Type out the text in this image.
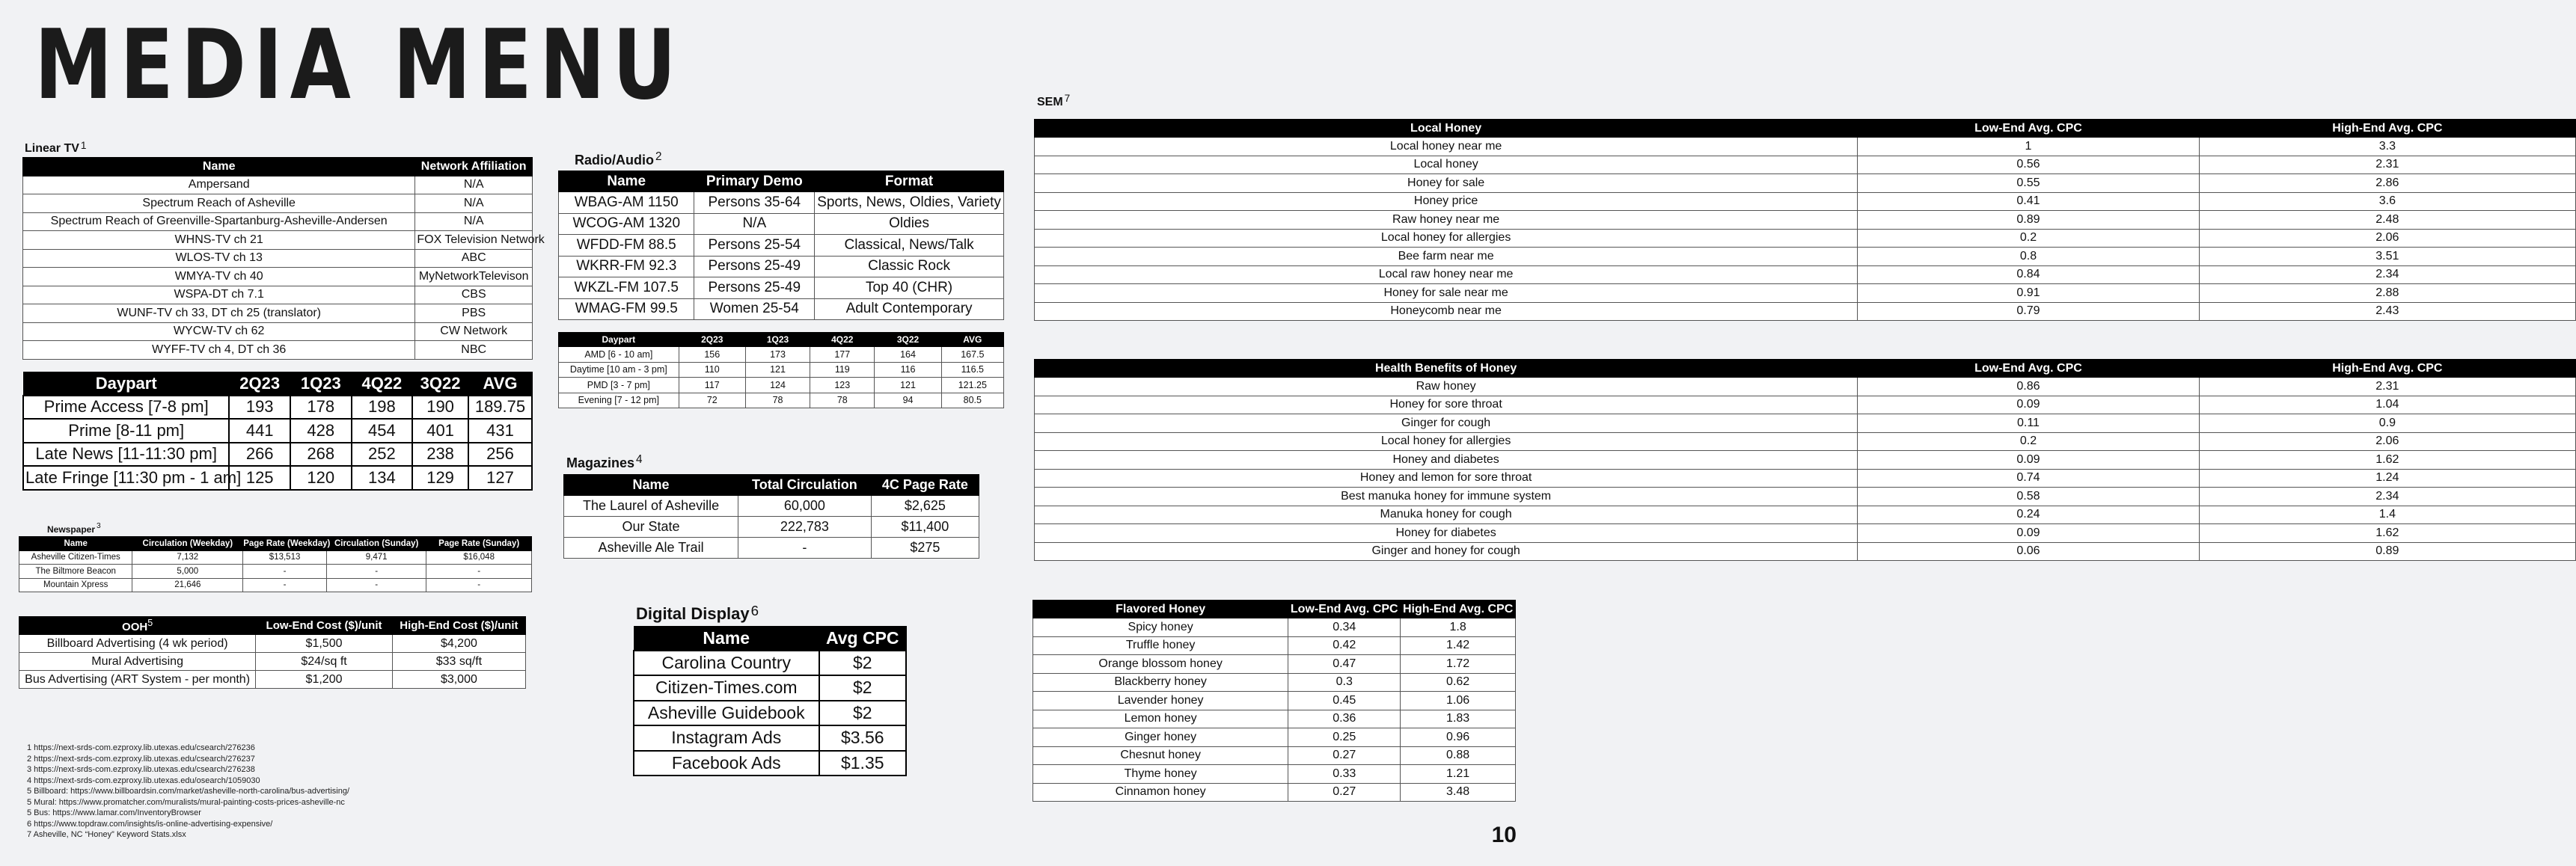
MEDIA MENU
Linear TV $^1$
Name	Network Affiliation
Ampersand	N/A
Spectrum Reach of Asheville	N/A
Spectrum Reach of Greenville-Spartanburg-Asheville-Andersen	N/A
WHNS-TV ch 21	FOX Television Network
WLOS-TV ch 13	ABC
WMYA-TV ch 40	MyNetworkTelevison
WSPA-DT ch 7.1	CBS
WUNF-TV ch 33, DT ch 25 (translator)	PBS
WYCW-TV ch 62	CW Network
WYFF-TV ch 4, DT ch 36	NBC
Daypart	2Q23	1Q23	4Q22	3Q22	AVG
Prime Access [7-8 pm]	193	178	198	190	189.75
Prime [8-11 pm]	441	428	454	401	431
Late News [11-11:30 pm]	266	268	252	238	256
Late Fringe [11:30 pm - 1 am]	125	120	134	129	127
Newspaper $^3$
Name	Circulation (Weekday)	Page Rate (Weekday)	Circulation (Sunday)	Page Rate (Sunday)
Asheville Citizen-Times	7,132	$13,513	9,471	$16,048
The Biltmore Beacon	5,000	-	-	-
Mountain Xpress	21,646	-	-	-
OOH$^5$	Low-End Cost ($)/unit	High-End Cost ($)/unit
Billboard Advertising (4 wk period)	$1,500	$4,200
Mural Advertising	$24/sq ft	$33 sq/ft
Bus Advertising (ART System - per month)	$1,200	$3,000
1 https://next-srds-com.ezproxy.lib.utexas.edu/csearch/276236
2 https://next-srds-com.ezproxy.lib.utexas.edu/csearch/276237
3 https://next-srds-com.ezproxy.lib.utexas.edu/csearch/276238
4 https://next-srds-com.ezproxy.lib.utexas.edu/osearch/1059030
5 Billboard: https://www.billboardsin.com/market/asheville-north-carolina/bus-advertising/
5 Mural: https://www.promatcher.com/muralists/mural-painting-costs-prices-asheville-nc
5 Bus: https://www.lamar.com/InventoryBrowser
6 https://www.topdraw.com/insights/is-online-advertising-expensive/
7 Asheville, NC “Honey” Keyword Stats.xlsx
Radio/Audio $^2$
Name	Primary Demo	Format
WBAG-AM 1150	Persons 35-64	Sports, News, Oldies, Variety
WCOG-AM 1320	N/A	Oldies
WFDD-FM 88.5	Persons 25-54	Classical, News/Talk
WKRR-FM 92.3	Persons 25-49	Classic Rock
WKZL-FM 107.5	Persons 25-49	Top 40 (CHR)
WMAG-FM 99.5	Women 25-54	Adult Contemporary
Daypart	2Q23	1Q23	4Q22	3Q22	AVG
AMD [6 - 10 am]	156	173	177	164	167.5
Daytime [10 am - 3 pm]	110	121	119	116	116.5
PMD [3 - 7 pm]	117	124	123	121	121.25
Evening [7 - 12 pm]	72	78	78	94	80.5
Magazines $^4$
Name	Total Circulation	4C Page Rate
The Laurel of Asheville	60,000	$2,625
Our State	222,783	$11,400
Asheville Ale Trail	-	$275
Digital Display $^6$
Name	Avg CPC
Carolina Country	$2
Citizen-Times.com	$2
Asheville Guidebook	$2
Instagram Ads	$3.56
Facebook Ads	$1.35
SEM $^7$
Local Honey	Low-End Avg. CPC	High-End Avg. CPC
Local honey near me	1	3.3
Local honey	0.56	2.31
Honey for sale	0.55	2.86
Honey price	0.41	3.6
Raw honey near me	0.89	2.48
Local honey for allergies	0.2	2.06
Bee farm near me	0.8	3.51
Local raw honey near me	0.84	2.34
Honey for sale near me	0.91	2.88
Honeycomb near me	0.79	2.43
Health Benefits of Honey	Low-End Avg. CPC	High-End Avg. CPC
Raw honey	0.86	2.31
Honey for sore throat	0.09	1.04
Ginger for cough	0.11	0.9
Local honey for allergies	0.2	2.06
Honey and diabetes	0.09	1.62
Honey and lemon for sore throat	0.74	1.24
Best manuka honey for immune system	0.58	2.34
Manuka honey for cough	0.24	1.4
Honey for diabetes	0.09	1.62
Ginger and honey for cough	0.06	0.89
Flavored Honey	Low-End Avg. CPC	High-End Avg. CPC
Spicy honey	0.34	1.8
Truffle honey	0.42	1.42
Orange blossom honey	0.47	1.72
Blackberry honey	0.3	0.62
Lavender honey	0.45	1.06
Lemon honey	0.36	1.83
Ginger honey	0.25	0.96
Chesnut honey	0.27	0.88
Thyme honey	0.33	1.21
Cinnamon honey	0.27	3.48
10
